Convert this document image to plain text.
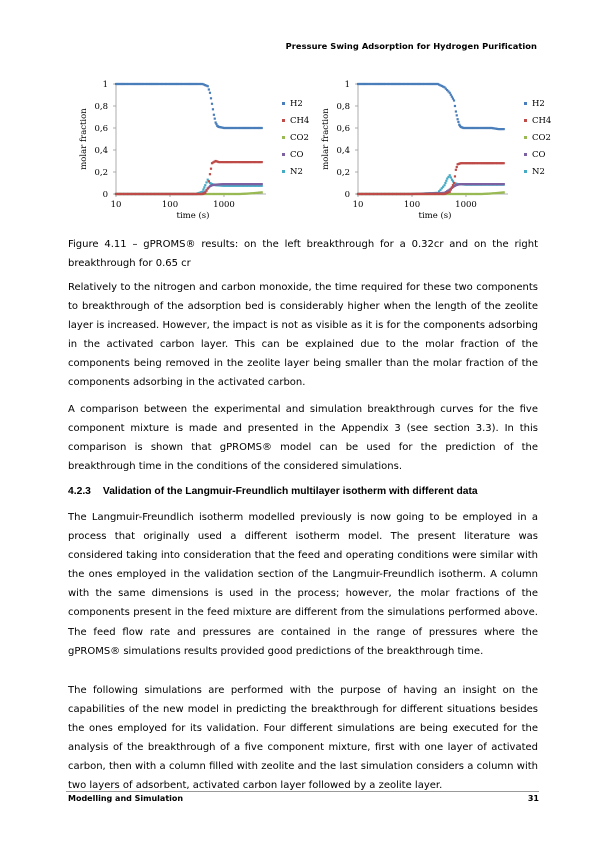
Pressure Swing Adsorption for Hydrogen Purification
0
0,2
0,4
0,6
0,8
1
10	100	1000
time (s)
molar fraction
H2
CH4
CO2
CO
N2
0
0,2
0,4
0,6
0,8
1
10	100	1000
time (s)
molar fraction
H2
CH4
CO2
CO
N2
Figure 4.11 – gPROMS® results: on the left breakthrough for a 0.32cr and on the right breakthrough for 0.65 cr

Relatively to the nitrogen and carbon monoxide, the time required for these two components to breakthrough of the adsorption bed is considerably higher when the length of the zeolite layer is increased. However, the impact is not as visible as it is for the components adsorbing in the activated carbon layer. This can be explained due to the molar fraction of the components being removed in the zeolite layer being smaller than the molar fraction of the components adsorbing in the activated carbon.

A comparison between the experimental and simulation breakthrough curves for the five component mixture is made and presented in the Appendix 3 (see section 3.3). In this comparison is shown that gPROMS® model can be used for the prediction of the breakthrough time in the conditions of the considered simulations.

4.2.3 Validation of the Langmuir-Freundlich multilayer isotherm with different data

The Langmuir-Freundlich isotherm modelled previously is now going to be employed in a process that originally used a different isotherm model. The present literature was considered taking into consideration that the feed and operating conditions were similar with the ones employed in the validation section of the Langmuir-Freundlich isotherm. A column with the same dimensions is used in the process; however, the molar fractions of the components present in the feed mixture are different from the simulations performed above. The feed flow rate and pressures are contained in the range of pressures where the gPROMS® simulations results provided good predictions of the breakthrough time.

The following simulations are performed with the purpose of having an insight on the capabilities of the new model in predicting the breakthrough for different situations besides the ones employed for its validation. Four different simulations are being executed for the analysis of the breakthrough of a five component mixture, first with one layer of activated carbon, then with a column filled with zeolite and the last simulation considers a column with two layers of adsorbent, activated carbon layer followed by a zeolite layer.

Modelling and Simulation	31
